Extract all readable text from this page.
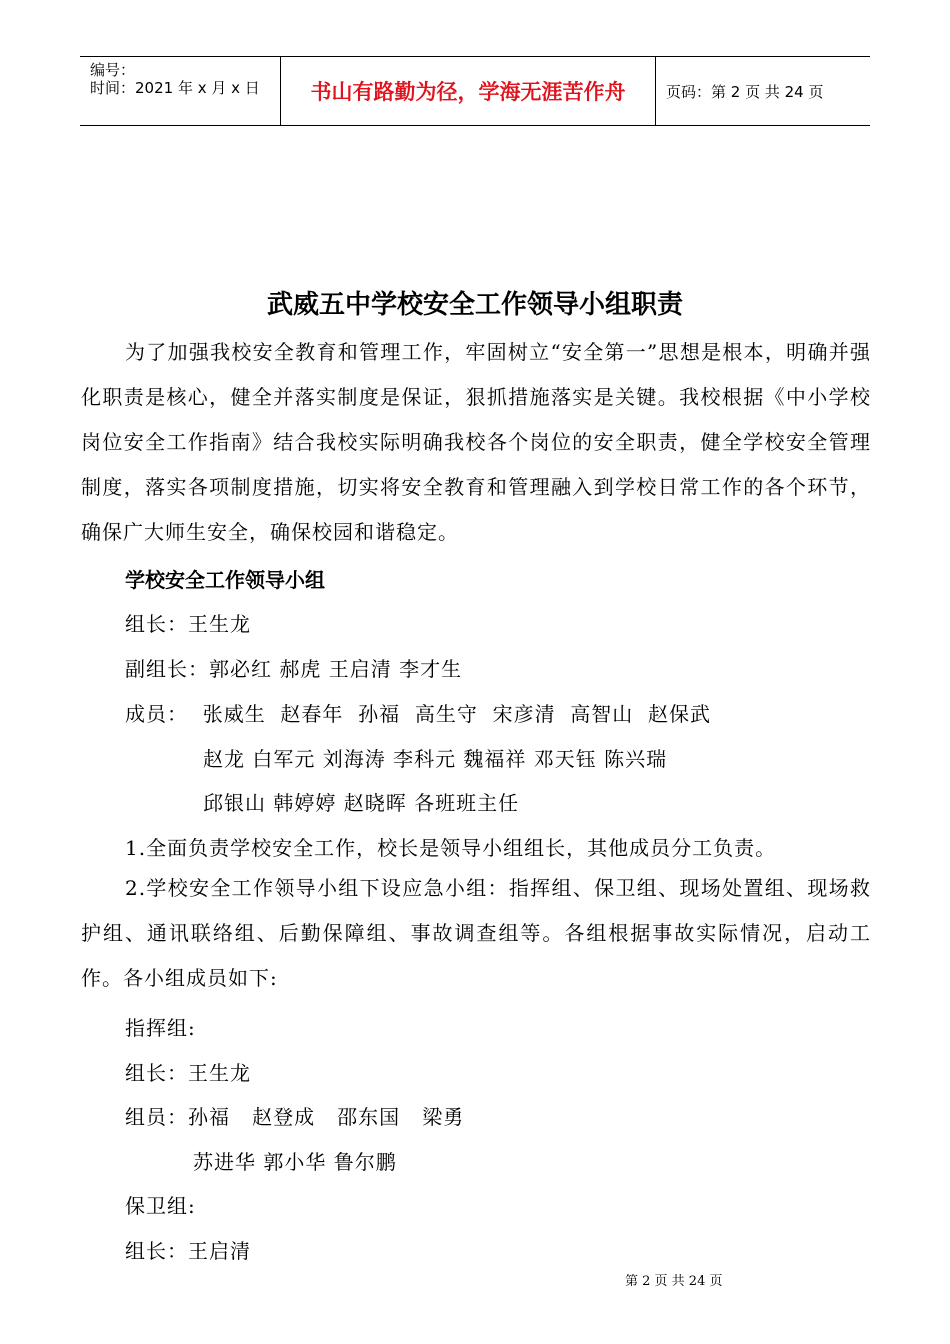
编号：
时间：2021 年 x 月 x 日	书山有路勤为径，学海无涯苦作舟	页码：第 2 页 共 24 页
武威五中学校安全工作领导小组职责
为了加强我校安全教育和管理工作，牢固树立“安全第一”思想是根本，明确并强化职责是核心，健全并落实制度是保证，狠抓措施落实是关键。我校根据《中小学校岗位安全工作指南》结合我校实际明确我校各个岗位的安全职责，健全学校安全管理制度，落实各项制度措施，切实将安全教育和管理融入到学校日常工作的各个环节，确保广大师生安全，确保校园和谐稳定。
学校安全工作领导小组
组长：王生龙
副组长：郭必红 郝虎 王启清 李才生
成员：  张威生  赵春年  孙福  高生守  宋彦清  高智山  赵保武
赵龙 白军元 刘海涛 李科元 魏福祥 邓天钰 陈兴瑞
邱银山 韩婷婷 赵晓晖 各班班主任
1.全面负责学校安全工作，校长是领导小组组长，其他成员分工负责。
2.学校安全工作领导小组下设应急小组：指挥组、保卫组、现场处置组、现场救护组、通讯联络组、后勤保障组、事故调查组等。各组根据事故实际情况，启动工作。各小组成员如下:
指挥组:
组长：王生龙
组员：孙福   赵登成   邵东国   梁勇
苏进华 郭小华 鲁尔鹏
保卫组:
组长：王启清
第 2 页 共 24 页
